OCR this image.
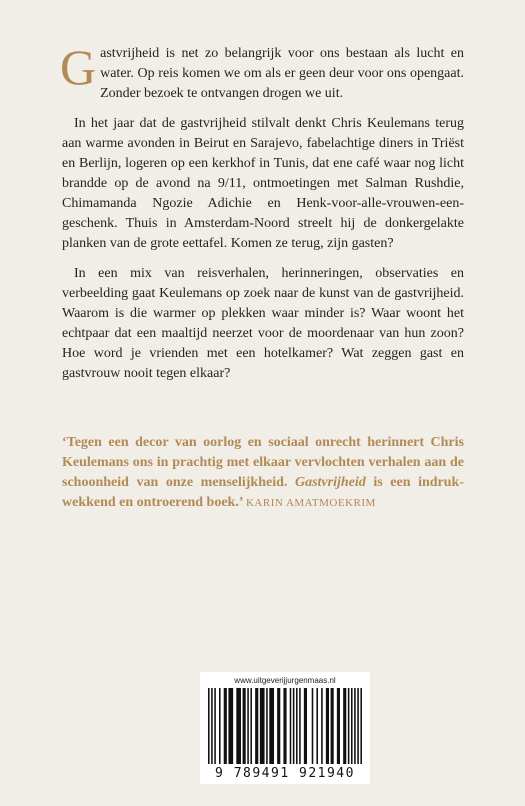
Gastvrijheid is net zo belangrijk voor ons bestaan als lucht en water. Op reis komen we om als er geen deur voor ons opengaat. Zonder bezoek te ontvangen drogen we uit.

In het jaar dat de gastvrijheid stilvalt denkt Chris Keulemans terug aan warme avonden in Beirut en Sarajevo, fabelachtige diners in Triëst en Berlijn, logeren op een kerkhof in Tunis, dat ene café waar nog licht brandde op de avond na 9/11, ontmoetingen met Salman Rushdie, Chimamanda Ngozie Adichie en Henk-voor-alle-vrouwen-een-geschenk. Thuis in Amsterdam-Noord streelt hij de donkergelakte planken van de grote eettafel. Komen ze terug, zijn gasten?

In een mix van reisverhalen, herinneringen, observaties en verbeelding gaat Keulemans op zoek naar de kunst van de gastvrijheid. Waarom is die warmer op plekken waar minder is? Waar woont het echtpaar dat een maaltijd neerzet voor de moordenaar van hun zoon? Hoe word je vrienden met een hotelkamer? Wat zeggen gast en gastvrouw nooit tegen elkaar?

‘Tegen een decor van oorlog en sociaal onrecht herinnert Chris Keulemans ons in prachtig met elkaar vervlochten verhalen aan de schoonheid van onze menselijkheid. Gastvrijheid is een indrukwekkend en ontroerend boek.’ KARIN AMATMOEKRIM
www.uitgeverijjurgenmaas.nl
9 789491 921940
